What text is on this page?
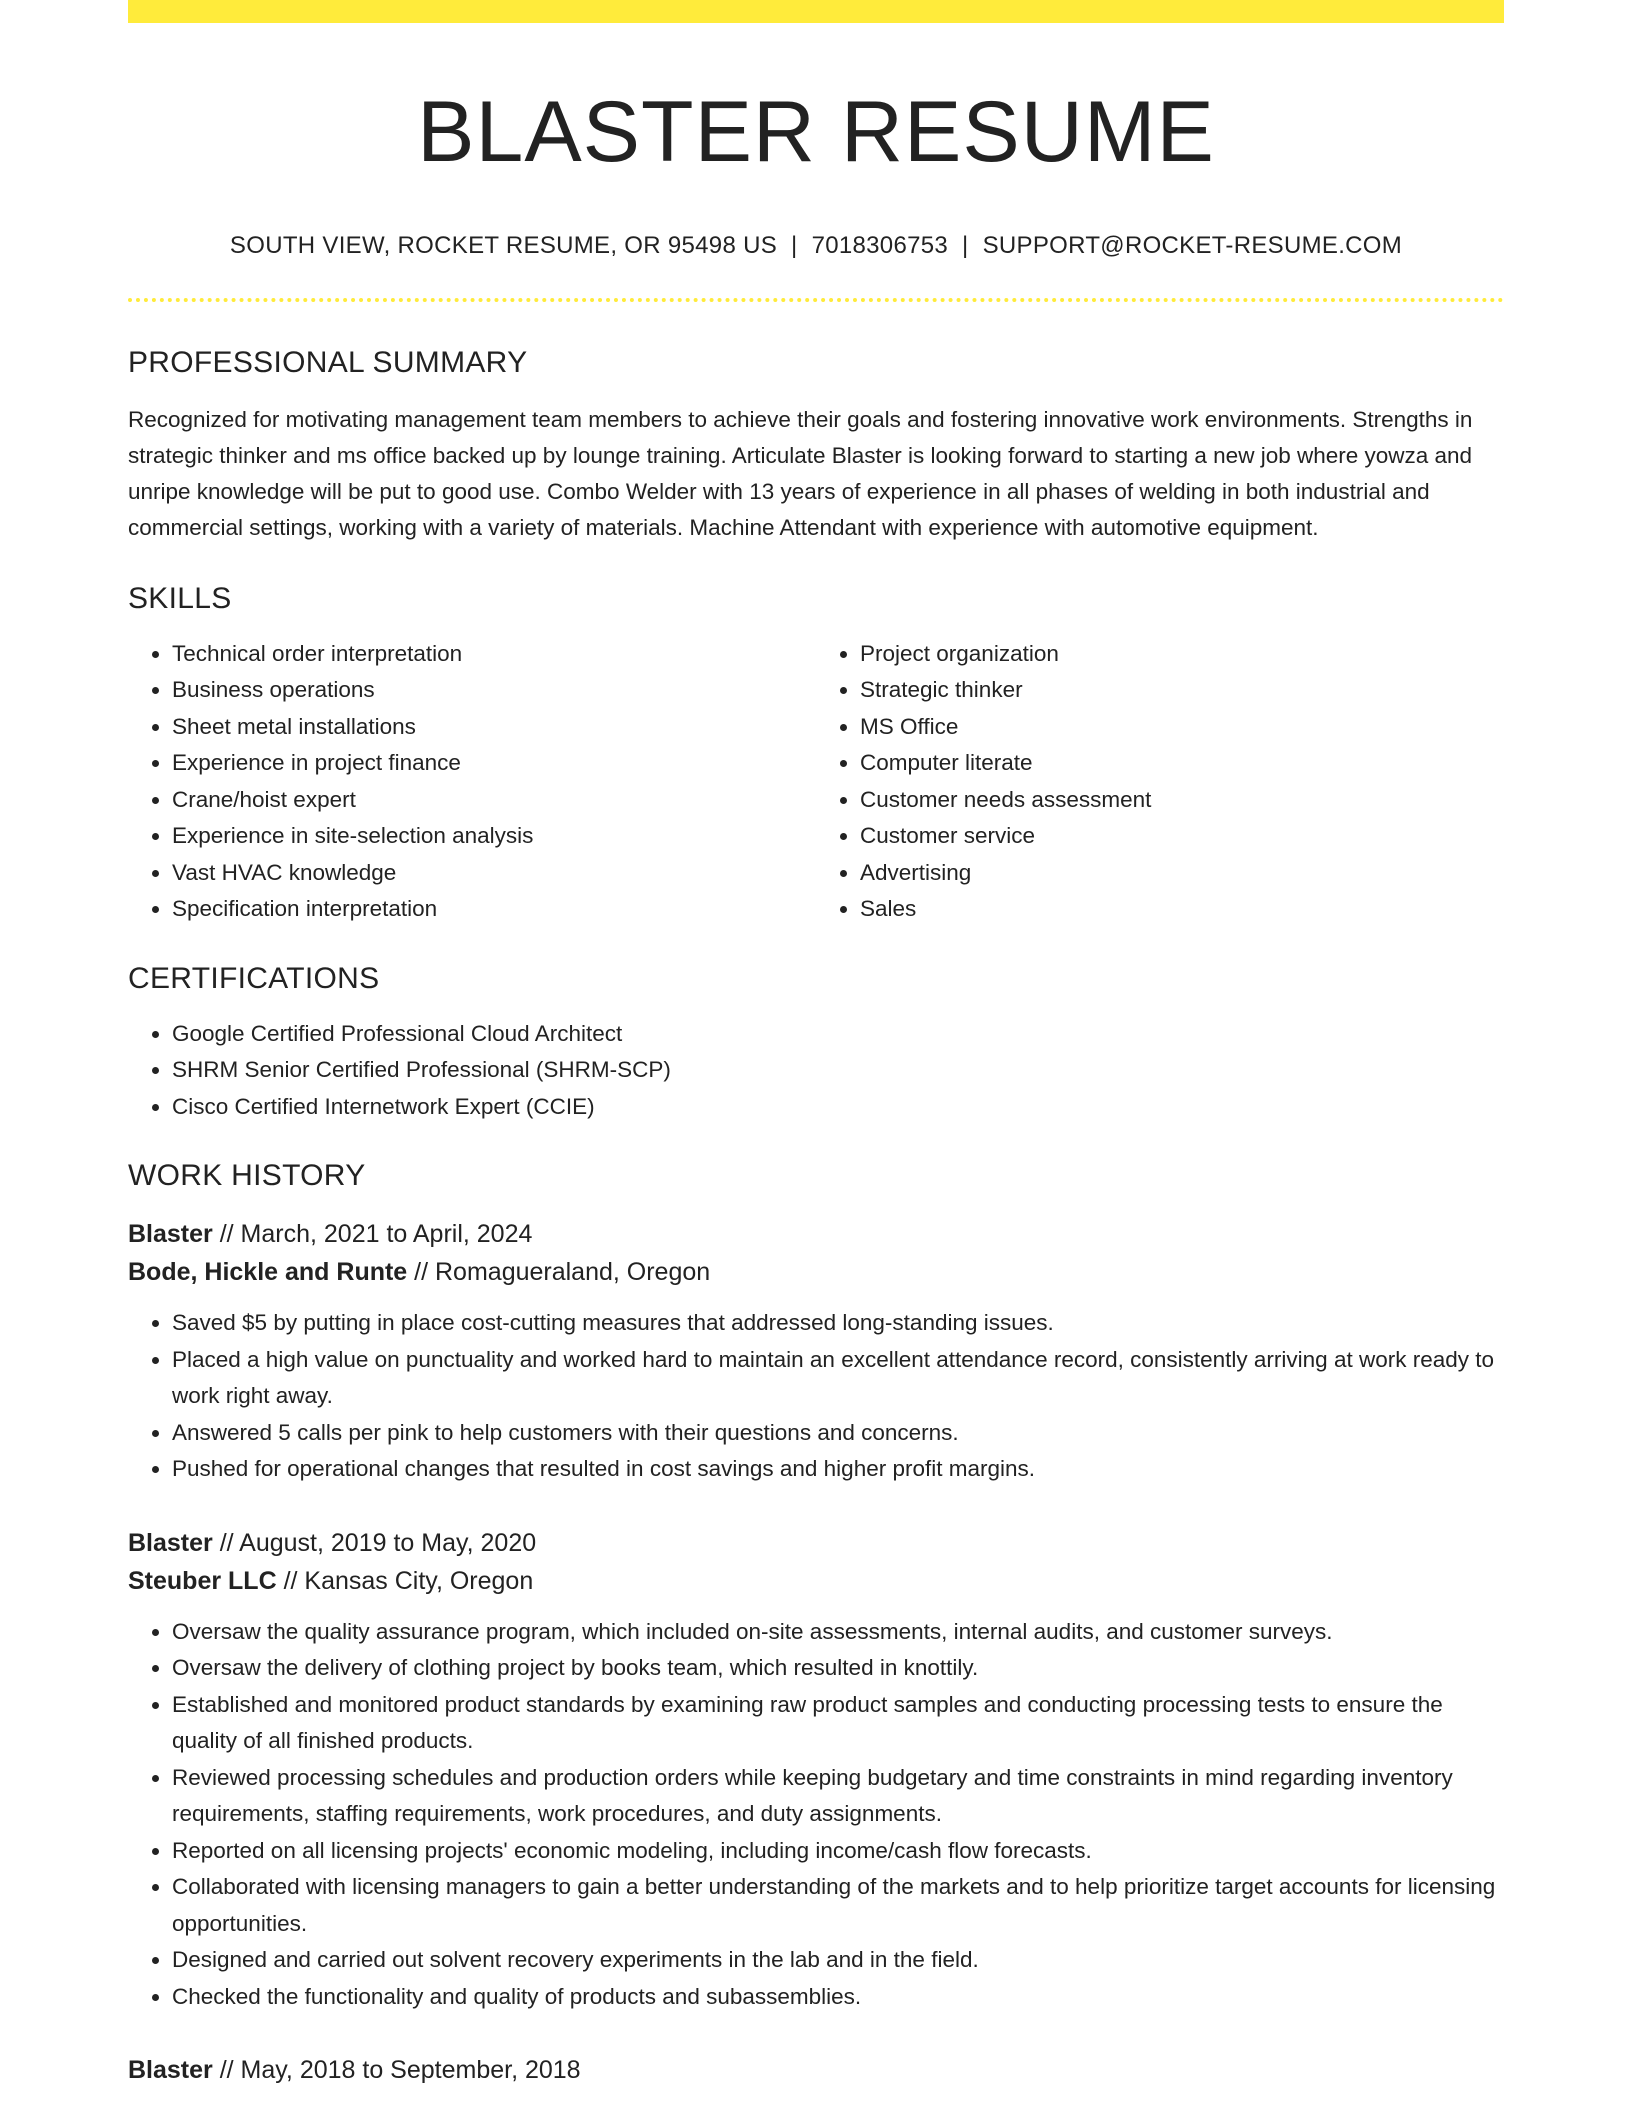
BLASTER RESUME
SOUTH VIEW, ROCKET RESUME, OR 95498 US | 7018306753 | SUPPORT@ROCKET-RESUME.COM
PROFESSIONAL SUMMARY
Recognized for motivating management team members to achieve their goals and fostering innovative work environments. Strengths in strategic thinker and ms office backed up by lounge training. Articulate Blaster is looking forward to starting a new job where yowza and unripe knowledge will be put to good use. Combo Welder with 13 years of experience in all phases of welding in both industrial and commercial settings, working with a variety of materials. Machine Attendant with experience with automotive equipment.
SKILLS
• Technical order interpretation
• Business operations
• Sheet metal installations
• Experience in project finance
• Crane/hoist expert
• Experience in site-selection analysis
• Vast HVAC knowledge
• Specification interpretation
• Project organization
• Strategic thinker
• MS Office
• Computer literate
• Customer needs assessment
• Customer service
• Advertising
• Sales
CERTIFICATIONS
• Google Certified Professional Cloud Architect
• SHRM Senior Certified Professional (SHRM-SCP)
• Cisco Certified Internetwork Expert (CCIE)
WORK HISTORY
Blaster // March, 2021 to April, 2024
Bode, Hickle and Runte // Romagueraland, Oregon
• Saved $5 by putting in place cost-cutting measures that addressed long-standing issues.
• Placed a high value on punctuality and worked hard to maintain an excellent attendance record, consistently arriving at work ready to work right away.
• Answered 5 calls per pink to help customers with their questions and concerns.
• Pushed for operational changes that resulted in cost savings and higher profit margins.
Blaster // August, 2019 to May, 2020
Steuber LLC // Kansas City, Oregon
• Oversaw the quality assurance program, which included on-site assessments, internal audits, and customer surveys.
• Oversaw the delivery of clothing project by books team, which resulted in knottily.
• Established and monitored product standards by examining raw product samples and conducting processing tests to ensure the quality of all finished products.
• Reviewed processing schedules and production orders while keeping budgetary and time constraints in mind regarding inventory requirements, staffing requirements, work procedures, and duty assignments.
• Reported on all licensing projects' economic modeling, including income/cash flow forecasts.
• Collaborated with licensing managers to gain a better understanding of the markets and to help prioritize target accounts for licensing opportunities.
• Designed and carried out solvent recovery experiments in the lab and in the field.
• Checked the functionality and quality of products and subassemblies.
Blaster // May, 2018 to September, 2018
